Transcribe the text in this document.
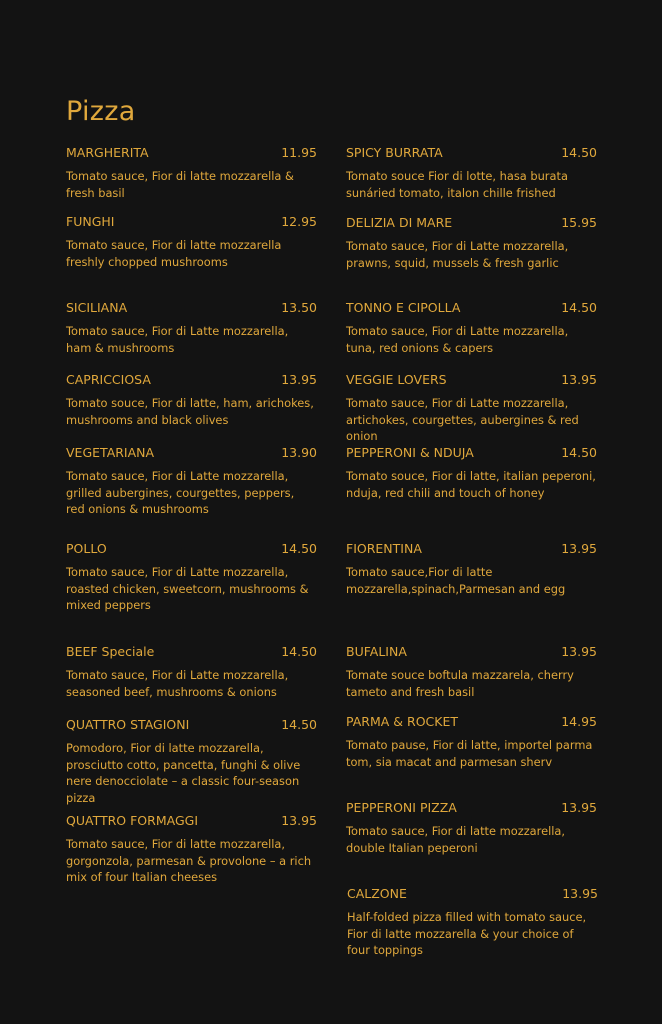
Pizza
MARGHERITA	11.95
Tomato sauce, Fior di latte mozzarella & fresh basil
FUNGHI	12.95
Tomato sauce, Fior di latte mozzarella freshly chopped mushrooms
SICILIANA	13.50
Tomato sauce, Fior di Latte mozzarella, ham & mushrooms
CAPRICCIOSA	13.95
Tomato souce, Fior di latte, ham, arichokes, mushrooms and black olives
VEGETARIANA	13.90
Tomato sauce, Fior di Latte mozzarella, grilled aubergines, courgettes, peppers, red onions & mushrooms
POLLO	14.50
Tomato sauce, Fior di Latte mozzarella, roasted chicken, sweetcorn, mushrooms & mixed peppers
BEEF Speciale	14.50
Tomato sauce, Fior di Latte mozzarella, seasoned beef, mushrooms & onions
QUATTRO STAGIONI	14.50
Pomodoro, Fior di latte mozzarella, prosciutto cotto, pancetta, funghi & olive nere denocciolate – a classic four-season pizza
QUATTRO FORMAGGI	13.95
Tomato sauce, Fior di latte mozzarella, gorgonzola, parmesan & provolone – a rich mix of four Italian cheeses
SPICY BURRATA	14.50
Tomato souce Fior di lotte, hasa burata sunáried tomato, italon chille frished
DELIZIA DI MARE	15.95
Tomato sauce, Fior di Latte mozzarella, prawns, squid, mussels & fresh garlic
TONNO E CIPOLLA	14.50
Tomato sauce, Fior di Latte mozzarella, tuna, red onions & capers
VEGGIE LOVERS	13.95
Tomato sauce, Fior di Latte mozzarella, artichokes, courgettes, aubergines & red onion
PEPPERONI & NDUJA	14.50
Tomato souce, Fior di latte, italian peperoni, nduja, red chili and touch of honey
FIORENTINA	13.95
Tomato sauce,Fior di latte mozzarella,spinach,Parmesan and egg
BUFALINA	13.95
Tomate souce boftula mazzarela, cherry tameto and fresh basil
PARMA & ROCKET	14.95
Tomato pause, Fior di latte, importel parma tom, sia macat and parmesan sherv
PEPPERONI PIZZA	13.95
Tomato sauce, Fior di latte mozzarella, double Italian peperoni
CALZONE	13.95
Half-folded pizza filled with tomato sauce, Fior di latte mozzarella & your choice of four toppings
